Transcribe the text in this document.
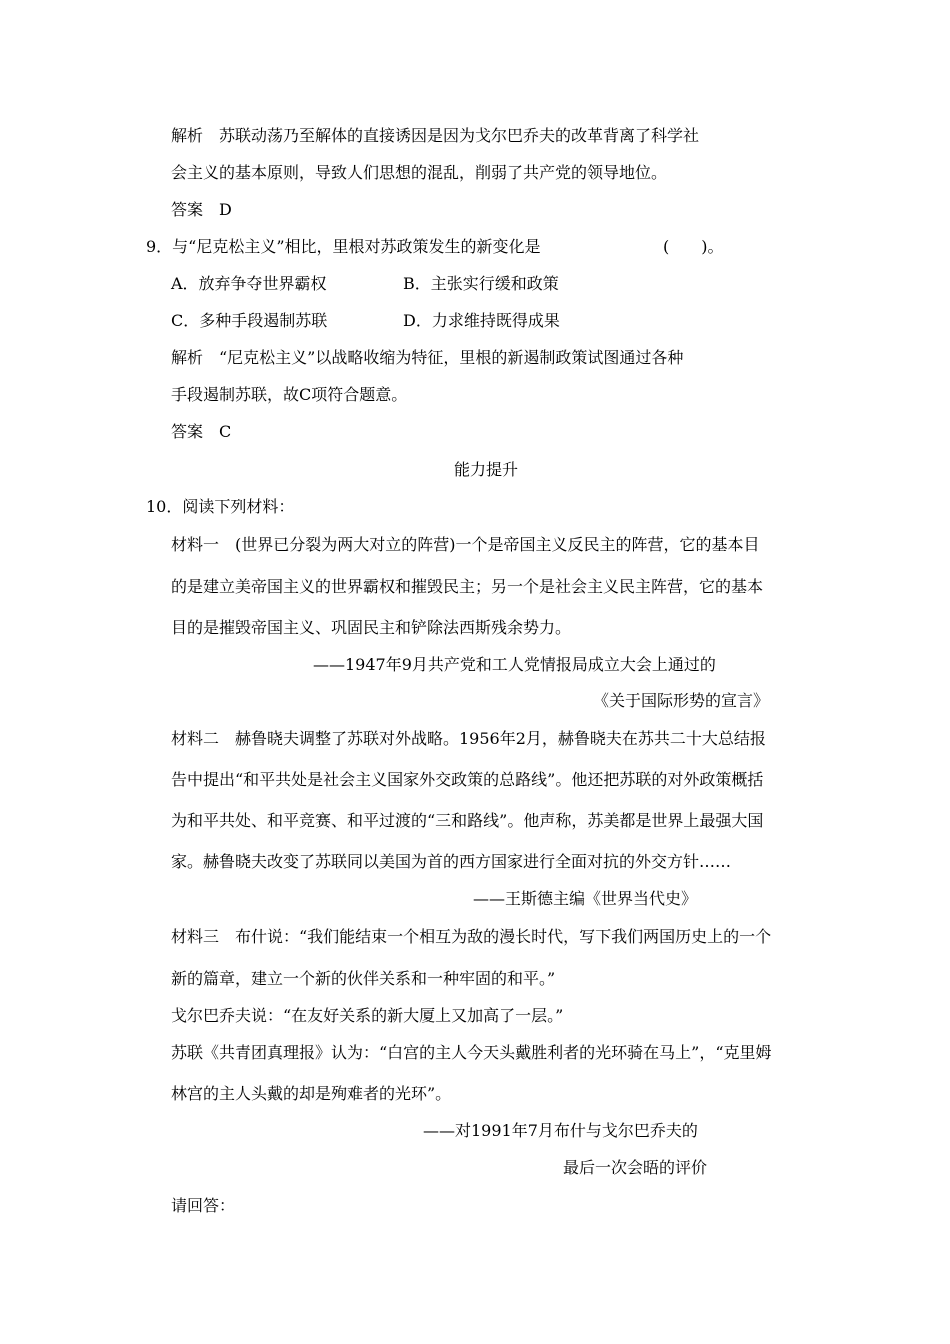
解析　苏联动荡乃至解体的直接诱因是因为戈尔巴乔夫的改革背离了科学社
会主义的基本原则，导致人们思想的混乱，削弱了共产党的领导地位。
答案　D
9．与“尼克松主义”相比，里根对苏政策发生的新变化是	(　　)。
A．放弃争夺世界霸权	B．主张实行缓和政策
C．多种手段遏制苏联	D．力求维持既得成果
解析　“尼克松主义”以战略收缩为特征，里根的新遏制政策试图通过各种
手段遏制苏联，故C项符合题意。
答案　C
能力提升
10．阅读下列材料：
材料一　(世界已分裂为两大对立的阵营)一个是帝国主义反民主的阵营，它的基本目
的是建立美帝国主义的世界霸权和摧毁民主；另一个是社会主义民主阵营，它的基本
目的是摧毁帝国主义、巩固民主和铲除法西斯残余势力。
——1947年9月共产党和工人党情报局成立大会上通过的
《关于国际形势的宣言》
材料二　赫鲁晓夫调整了苏联对外战略。1956年2月，赫鲁晓夫在苏共二十大总结报
告中提出“和平共处是社会主义国家外交政策的总路线”。他还把苏联的对外政策概括
为和平共处、和平竞赛、和平过渡的“三和路线”。他声称，苏美都是世界上最强大国
家。赫鲁晓夫改变了苏联同以美国为首的西方国家进行全面对抗的外交方针……
——王斯德主编《世界当代史》
材料三　布什说：“我们能结束一个相互为敌的漫长时代，写下我们两国历史上的一个
新的篇章，建立一个新的伙伴关系和一种牢固的和平。”
戈尔巴乔夫说：“在友好关系的新大厦上又加高了一层。”
苏联《共青团真理报》认为：“白宫的主人今天头戴胜利者的光环骑在马上”，“克里姆
林宫的主人头戴的却是殉难者的光环”。
——对1991年7月布什与戈尔巴乔夫的
最后一次会晤的评价
请回答：
